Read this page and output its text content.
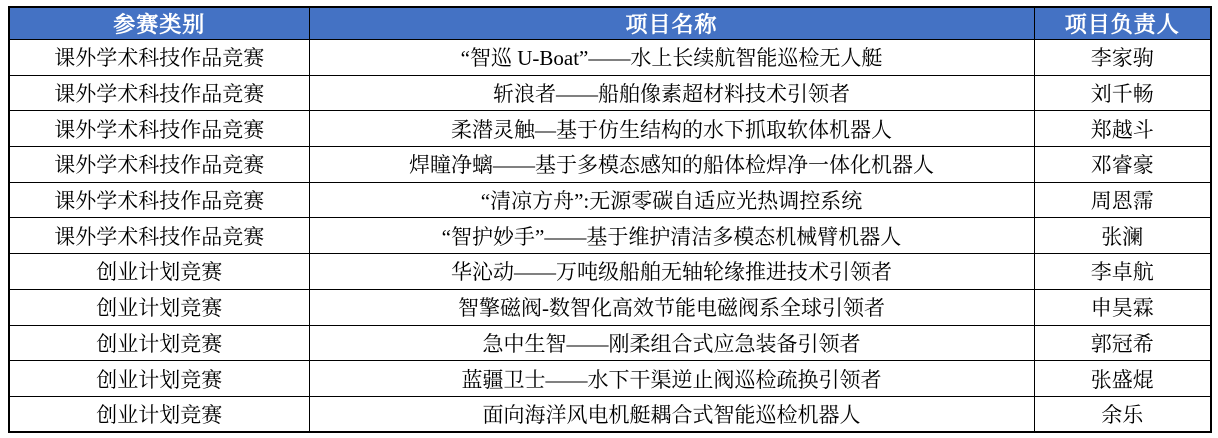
参赛类别	项目名称	项目负责人
课外学术科技作品竞赛	“智巡 U-Boat”——水上长续航智能巡检无人艇	李家驹
课外学术科技作品竞赛	斩浪者——船舶像素超材料技术引领者	刘千畅
课外学术科技作品竞赛	柔潜灵触—基于仿生结构的水下抓取软体机器人	郑越斗
课外学术科技作品竞赛	焊瞳净螭——基于多模态感知的船体检焊净一体化机器人	邓睿豪
课外学术科技作品竞赛	“清凉方舟”:无源零碳自适应光热调控系统	周恩霈
课外学术科技作品竞赛	“智护妙手”——基于维护清洁多模态机械臂机器人	张澜
创业计划竞赛	华沁动——万吨级船舶无轴轮缘推进技术引领者	李卓航
创业计划竞赛	智擎磁阀-数智化高效节能电磁阀系全球引领者	申昊霖
创业计划竞赛	急中生智——刚柔组合式应急装备引领者	郭冠希
创业计划竞赛	蓝疆卫士——水下干渠逆止阀巡检疏换引领者	张盛焜
创业计划竞赛	面向海洋风电机艇耦合式智能巡检机器人	余乐
